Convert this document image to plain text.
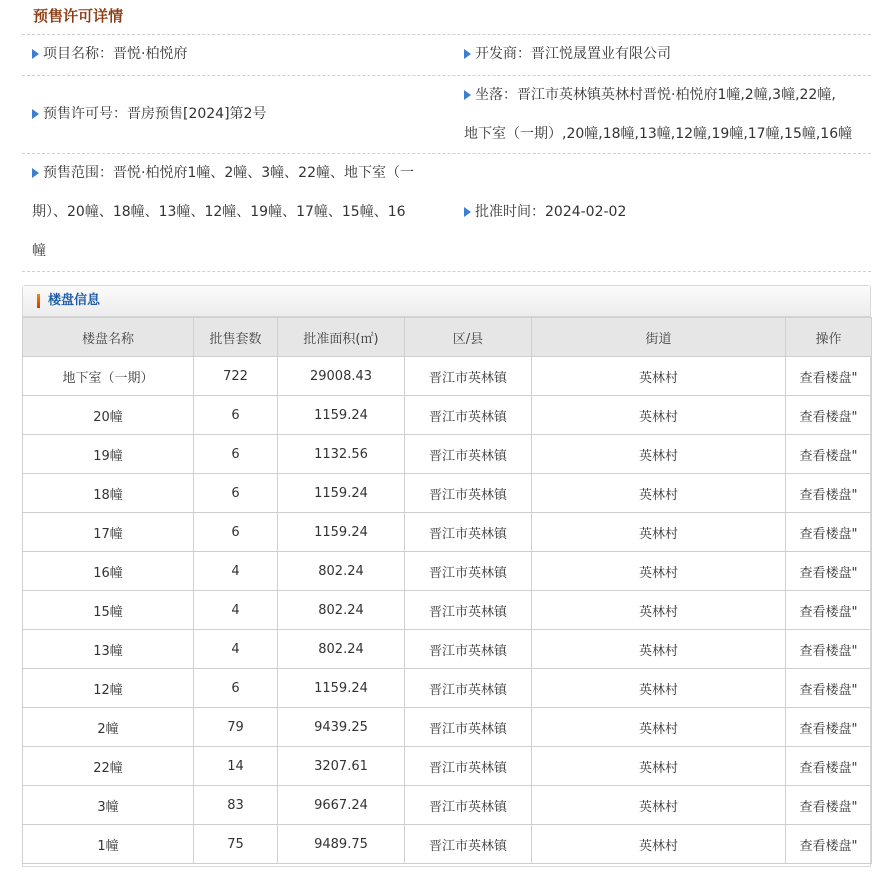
预售许可详情
项目名称：晋悦·柏悦府	开发商：晋江悦晟置业有限公司
预售许可号：晋房预售[2024]第2号
坐落：晋江市英林镇英林村晋悦·柏悦府1幢,2幢,3幢,22幢,
地下室（一期）,20幢,18幢,13幢,12幢,19幢,17幢,15幢,16幢
预售范围：晋悦·柏悦府1幢、2幢、3幢、22幢、地下室（一
期）、20幢、18幢、13幢、12幢、19幢、17幢、15幢、16
幢
批准时间：2024-02-02
楼盘信息
楼盘名称	批售套数	批准面积(㎡)	区/县	街道	操作
地下室（一期）	722	29008.43	晋江市英林镇	英林村	查看楼盘"
20幢	6	1159.24	晋江市英林镇	英林村	查看楼盘"
19幢	6	1132.56	晋江市英林镇	英林村	查看楼盘"
18幢	6	1159.24	晋江市英林镇	英林村	查看楼盘"
17幢	6	1159.24	晋江市英林镇	英林村	查看楼盘"
16幢	4	802.24	晋江市英林镇	英林村	查看楼盘"
15幢	4	802.24	晋江市英林镇	英林村	查看楼盘"
13幢	4	802.24	晋江市英林镇	英林村	查看楼盘"
12幢	6	1159.24	晋江市英林镇	英林村	查看楼盘"
2幢	79	9439.25	晋江市英林镇	英林村	查看楼盘"
22幢	14	3207.61	晋江市英林镇	英林村	查看楼盘"
3幢	83	9667.24	晋江市英林镇	英林村	查看楼盘"
1幢	75	9489.75	晋江市英林镇	英林村	查看楼盘"
